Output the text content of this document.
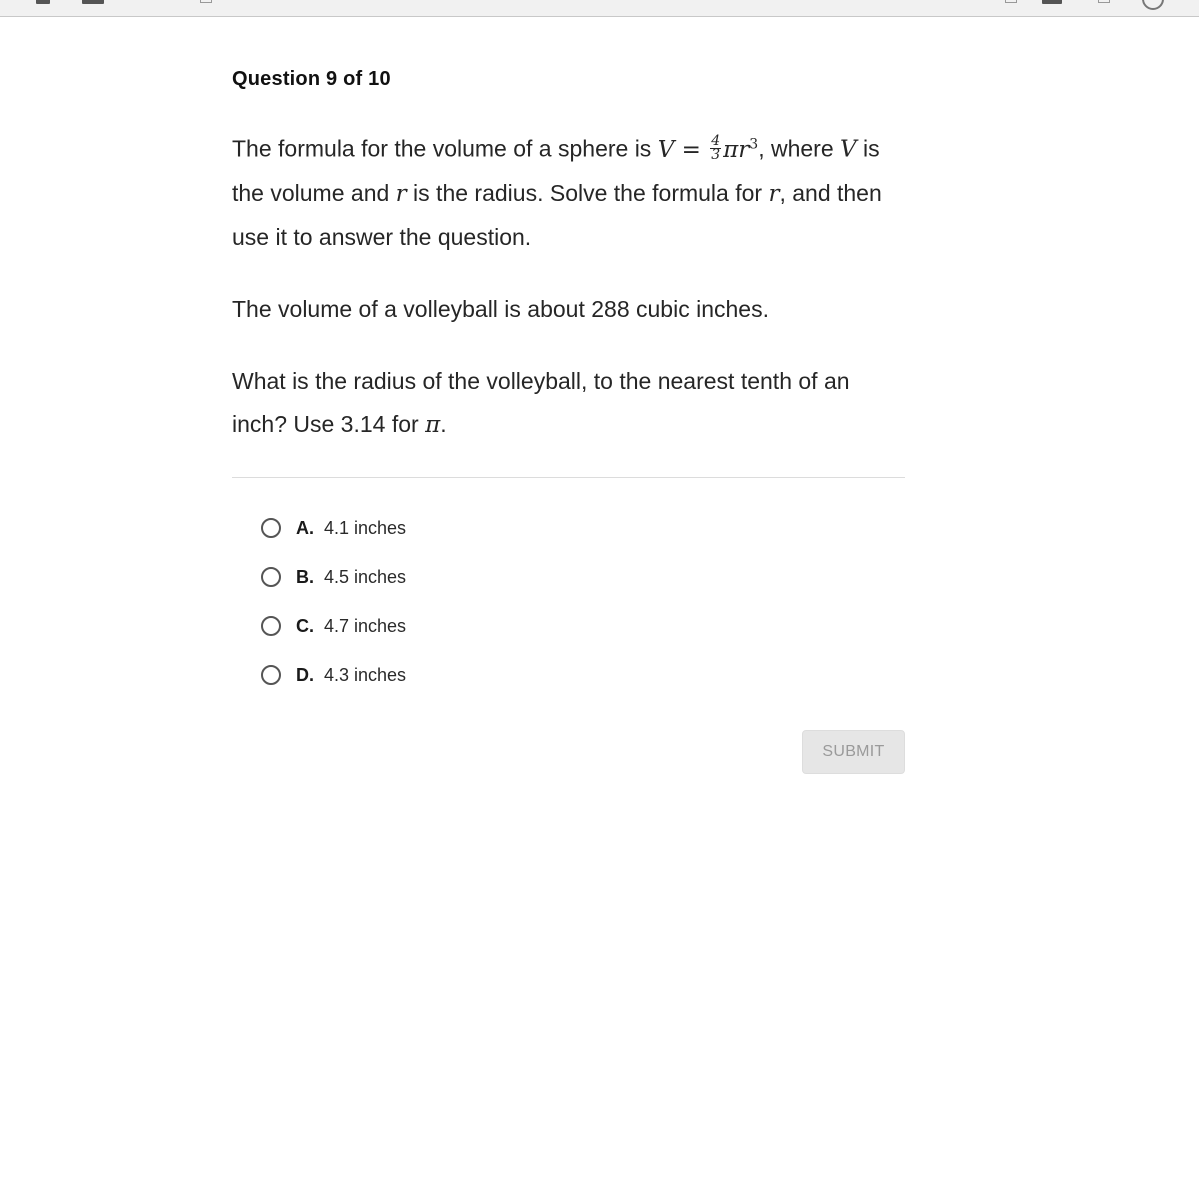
Question 9 of 10

The formula for the volume of a sphere is $V = \frac{4}{3} \pi r^3$, where V is the volume and r is the radius. Solve the formula for r, and then use it to answer the question.

The volume of a volleyball is about 288 cubic inches.

What is the radius of the volleyball, to the nearest tenth of an inch? Use 3.14 for π.

A. 4.1 inches
B. 4.5 inches
C. 4.7 inches
D. 4.3 inches
SUBMIT
